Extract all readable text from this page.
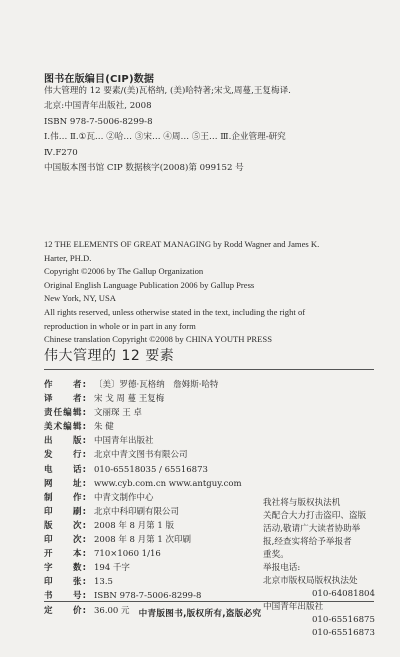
图书在版编目(CIP)数据
伟大管理的 12 要素/(美)瓦格纳, (美)哈特著;宋戈,周蔓,王复梅译.
北京:中国青年出版社, 2008
ISBN 978-7-5006-8299-8
Ⅰ.伟… Ⅱ.①瓦… ②哈… ③宋… ④周… ⑤王… Ⅲ.企业管理-研究
Ⅳ.F270
中国版本图书馆 CIP 数据核字(2008)第 099152 号
12 THE ELEMENTS OF GREAT MANAGING by Rodd Wagner and James K.
Harter, PH.D.
Copyright ©2006 by The Gallup Organization
Original English Language Publication 2006 by Gallup Press
New York, NY, USA
All rights reserved, unless otherwise stated in the text, including the right of
reproduction in whole or in part in any form
Chinese translation Copyright ©2008 by CHINA YOUTH PRESS
伟大管理的 12 要素
作　　者: 〔美〕罗德·瓦格纳　詹姆斯·哈特
译　　者: 宋 戈 周 蔓 王复梅
责任编辑: 文丽琛 王 卓
美术编辑: 朱 健
出　　版: 中国青年出版社
发　　行: 北京中青文图书有限公司
电　　话: 010-65518035 / 65516873
网　　址: www.cyb.com.cn www.antguy.com
制　　作: 中青文制作中心
印　　刷: 北京中科印刷有限公司
版　　次: 2008 年 8 月第 1 版
印　　次: 2008 年 8 月第 1 次印刷
开　　本: 710×1060 1/16
字　　数: 194 千字
印　　张: 13.5
书　　号: ISBN 978-7-5006-8299-8
定　　价: 36.00 元
我社将与版权执法机
关配合大力打击盗印、盗版
活动,敬请广大读者协助举
报,经查实将给予举报者
重奖。
举报电话:
北京市版权局版权执法处
010-64081804
中国青年出版社
010-65516875
010-65516873
中青版图书,版权所有,盗版必究
